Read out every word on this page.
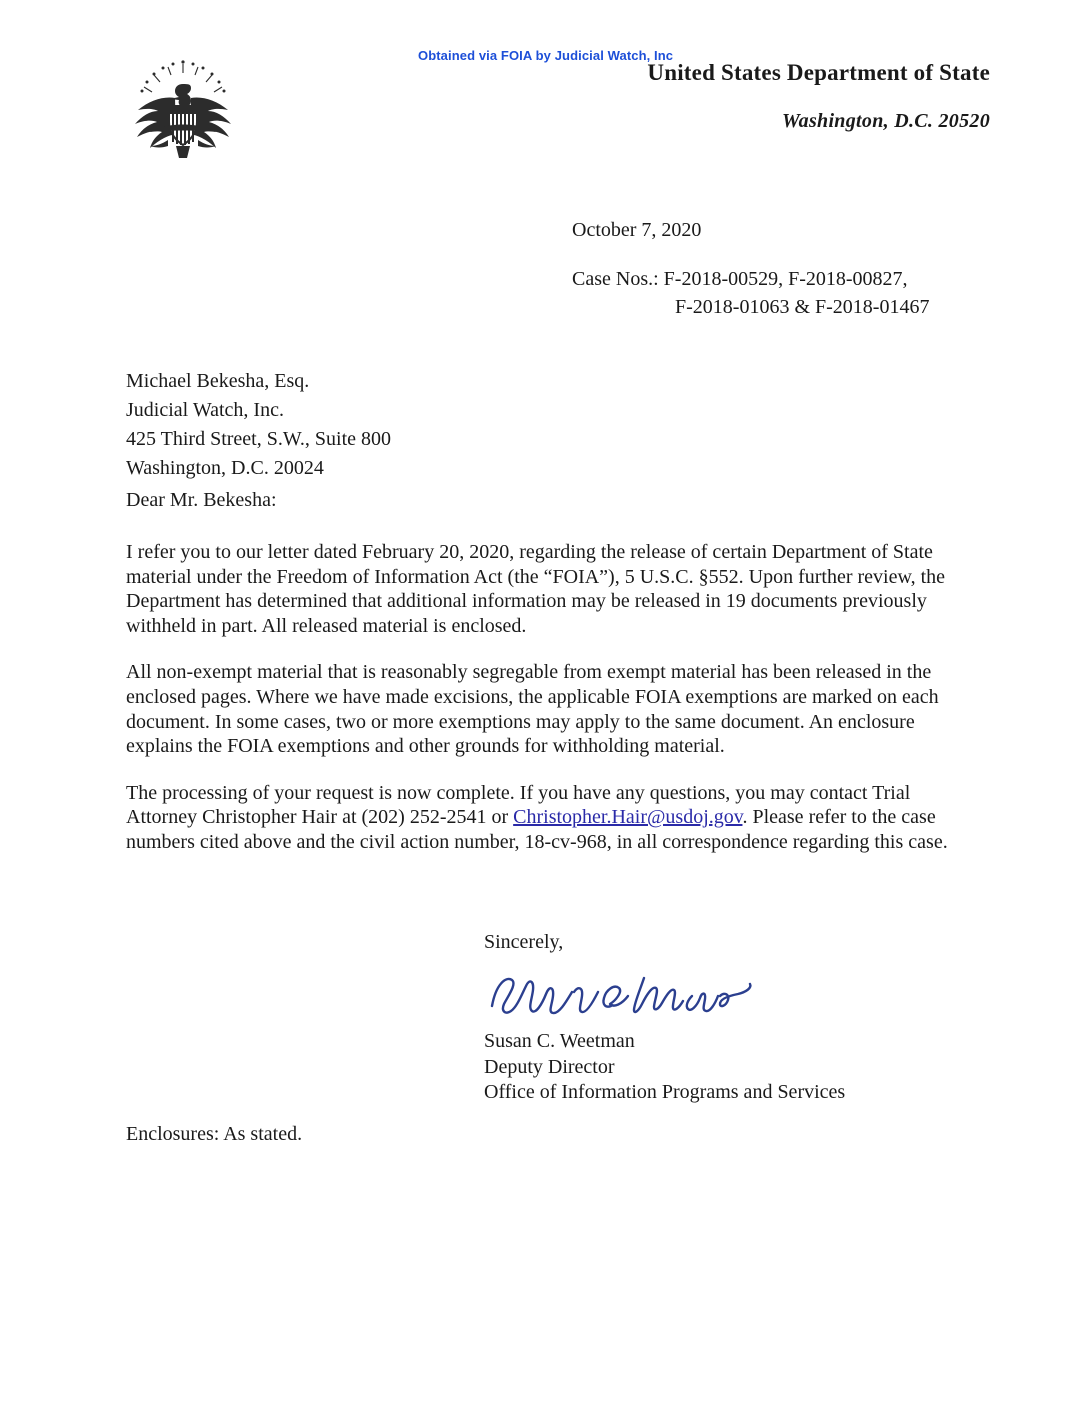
Obtained via FOIA by Judicial Watch, Inc
United States Department of State
Washington, D.C. 20520
October 7, 2020
Case Nos.: F-2018-00529, F-2018-00827,
F-2018-01063 & F-2018-01467
Michael Bekesha, Esq.
Judicial Watch, Inc.
425 Third Street, S.W., Suite 800
Washington, D.C. 20024
Dear Mr. Bekesha:

I refer you to our letter dated February 20, 2020, regarding the release of certain Department of State material under the Freedom of Information Act (the “FOIA”), 5 U.S.C. §552. Upon further review, the Department has determined that additional information may be released in 19 documents previously withheld in part. All released material is enclosed.

All non-exempt material that is reasonably segregable from exempt material has been released in the enclosed pages. Where we have made excisions, the applicable FOIA exemptions are marked on each document. In some cases, two or more exemptions may apply to the same document. An enclosure explains the FOIA exemptions and other grounds for withholding material.

The processing of your request is now complete. If you have any questions, you may contact Trial Attorney Christopher Hair at (202) 252-2541 or Christopher.Hair@usdoj.gov. Please refer to the case numbers cited above and the civil action number, 18-cv-968, in all correspondence regarding this case.

Sincerely,
Susan C. Weetman
Deputy Director
Office of Information Programs and Services
Enclosures: As stated.
